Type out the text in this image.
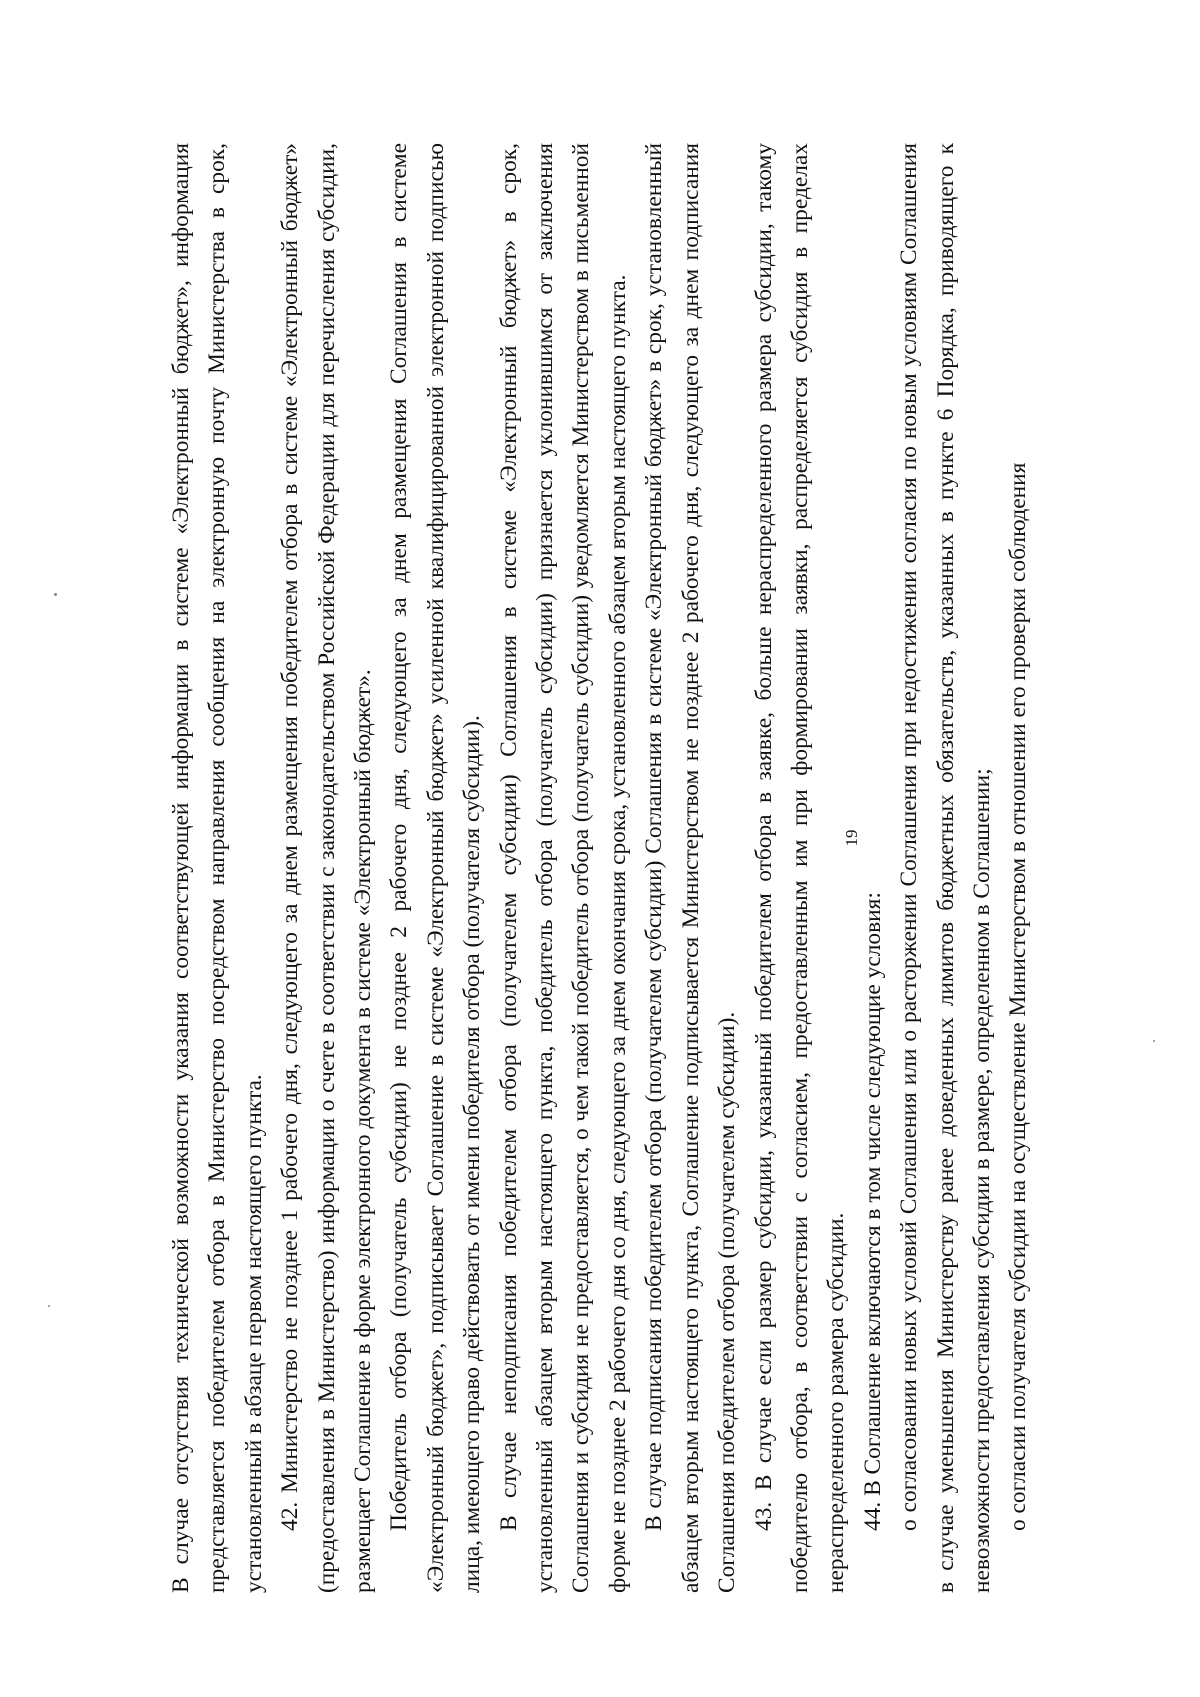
19

В случае отсутствия технической возможности указания соответствующей информации в системе «Электронный бюджет», информация представляется победителем отбора в Министерство посредством направления сообщения на электронную почту Министерства в срок, установленный в абзаце первом настоящего пункта. 42. Министерство не позднее 1 рабочего дня, следующего за днем размещения победителем отбора в системе «Электронный бюджет» (предоставления в Министерство) информации о счете в соответствии с законодательством Российской Федерации для перечисления субсидии, размещает Соглашение в форме электронного документа в системе «Электронный бюджет». Победитель отбора (получатель субсидии) не позднее 2 рабочего дня, следующего за днем размещения Соглашения в системе «Электронный бюджет», подписывает Соглашение в системе «Электронный бюджет» усиленной квалифицированной электронной подписью лица, имеющего право действовать от имени победителя отбора (получателя субсидии). В случае неподписания победителем отбора (получателем субсидии) Соглашения в системе «Электронный бюджет» в срок, установленный абзацем вторым настоящего пункта, победитель отбора (получатель субсидии) признается уклонившимся от заключения Соглашения и субсидия не предоставляется, о чем такой победитель отбора (получатель субсидии) уведомляется Министерством в письменной форме не позднее 2 рабочего дня со дня, следующего за днем окончания срока, установленного абзацем вторым настоящего пункта. В случае подписания победителем отбора (получателем субсидии) Соглашения в системе «Электронный бюджет» в срок, установленный абзацем вторым настоящего пункта, Соглашение подписывается Министерством не позднее 2 рабочего дня, следующего за днем подписания Соглашения победителем отбора (получателем субсидии). 43. В случае если размер субсидии, указанный победителем отбора в заявке, больше нераспределенного размера субсидии, такому победителю отбора, в соответствии с согласием, предоставленным им при формировании заявки, распределяется субсидия в пределах нераспределенного размера субсидии. 44. В Соглашение включаются в том числе следующие условия: о согласовании новых условий Соглашения или о расторжении Соглашения при недостижении согласия по новым условиям Соглашения в случае уменьшения Министерству ранее доведенных лимитов бюджетных обязательств, указанных в пункте 6 Порядка, приводящего к невозможности предоставления субсидии в размере, определенном в Соглашении; о согласии получателя субсидии на осуществление Министерством в отношении его проверки соблюдения
